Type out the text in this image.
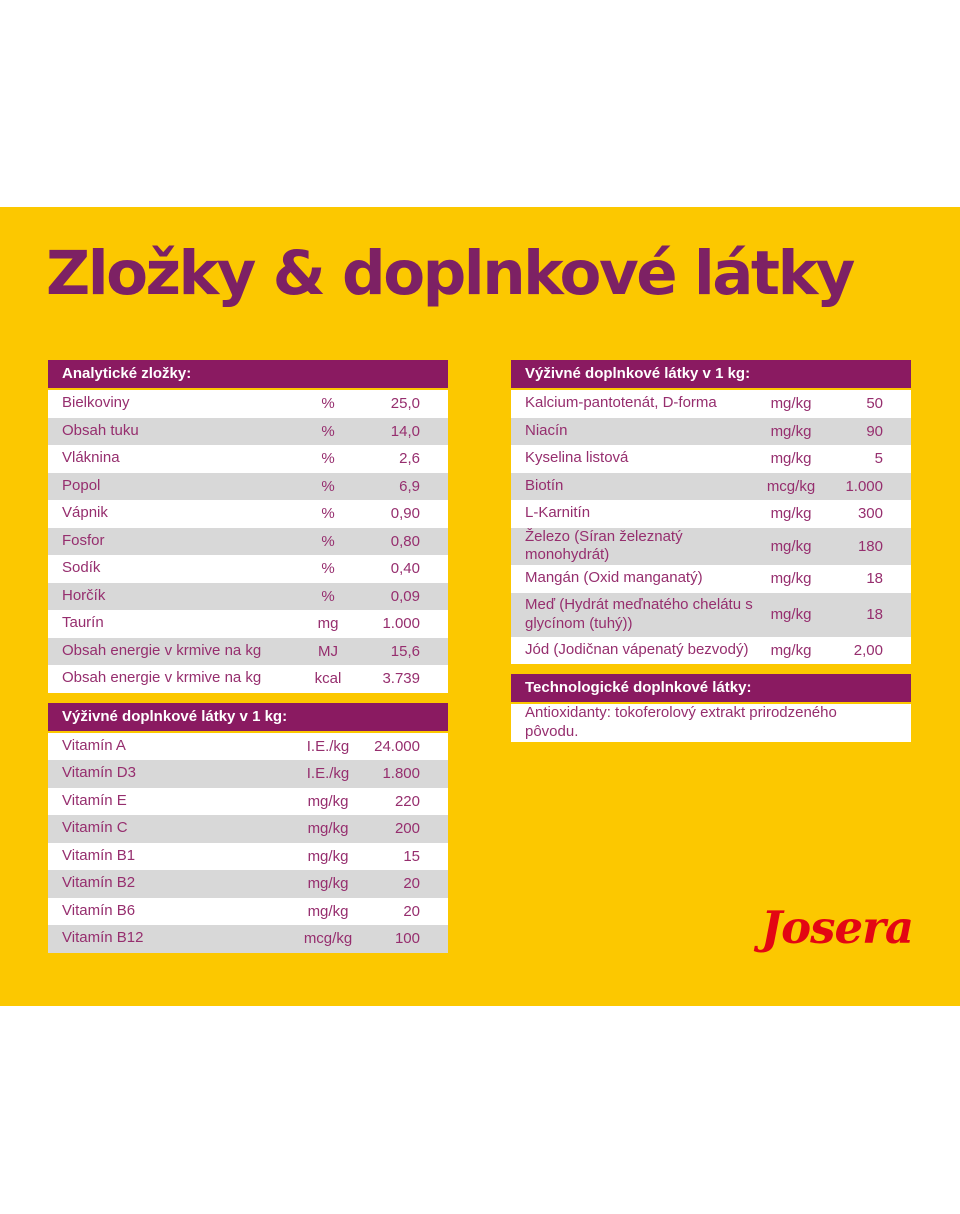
Zložky & doplnkové látky
Analytické zložky:
Bielkoviny	%	25,0
Obsah tuku	%	14,0
Vláknina	%	2,6
Popol	%	6,9
Vápnik	%	0,90
Fosfor	%	0,80
Sodík	%	0,40
Horčík	%	0,09
Taurín	mg	1.000
Obsah energie v krmive na kg	MJ	15,6
Obsah energie v krmive na kg	kcal	3.739
Výživné doplnkové látky v 1 kg:
Vitamín A	I.E./kg	24.000
Vitamín D3	I.E./kg	1.800
Vitamín E	mg/kg	220
Vitamín C	mg/kg	200
Vitamín B1	mg/kg	15
Vitamín B2	mg/kg	20
Vitamín B6	mg/kg	20
Vitamín B12	mcg/kg	100
Výživné doplnkové látky v 1 kg:
Kalcium-pantotenát, D-forma	mg/kg	50
Niacín	mg/kg	90
Kyselina listová	mg/kg	5
Biotín	mcg/kg	1.000
L-Karnitín	mg/kg	300
Železo (Síran železnatý monohydrát)	mg/kg	180
Mangán (Oxid manganatý)	mg/kg	18
Meď (Hydrát meďnatého chelátu s glycínom (tuhý))	mg/kg	18
Jód (Jodičnan vápenatý bezvodý)	mg/kg	2,00
Technologické doplnkové látky:
Antioxidanty: tokoferolový extrakt prirodzeného pôvodu.
Josera
